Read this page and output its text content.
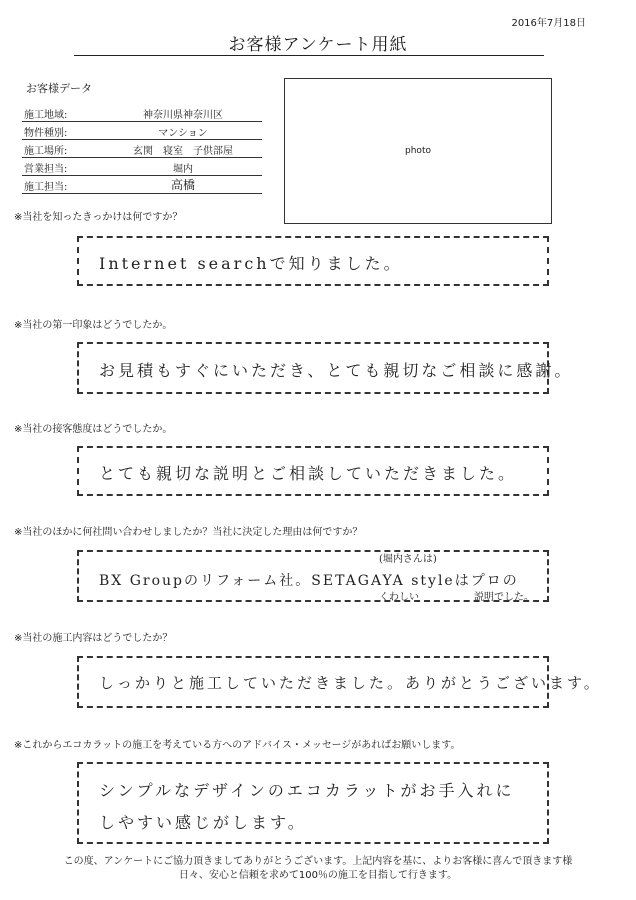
2016年7月18日
お客様アンケート用紙
お客様データ
施工地域:	神奈川県神奈川区
物件種別:	マンション
施工場所:	玄関　寝室　子供部屋
営業担当:	堀内
施工担当:	高橋
photo
※当社を知ったきっかけは何ですか？
Internet searchで知りました。
※当社の第一印象はどうでしたか。
お見積もすぐにいただき、とても親切なご相談に感謝。
※当社の接客態度はどうでしたか。
とても親切な説明とご相談していただきました。
※当社のほかに何社問い合わせしましたか？当社に決定した理由は何ですか？
(堀内さんは)
BX Groupのリフォーム社。SETAGAYA styleはプロの
くわしい	説明でした。
※当社の施工内容はどうでしたか？
しっかりと施工していただきました。ありがとうございます。
※これからエコカラットの施工を考えている方へのアドバイス・メッセージがあればお願いします。
シンプルなデザインのエコカラットがお手入れに
しやすい感じがします。
この度、アンケートにご協力頂きましてありがとうございます。上記内容を基に、よりお客様に喜んで頂きます様
日々、安心と信頼を求めて100％の施工を目指して行きます。
